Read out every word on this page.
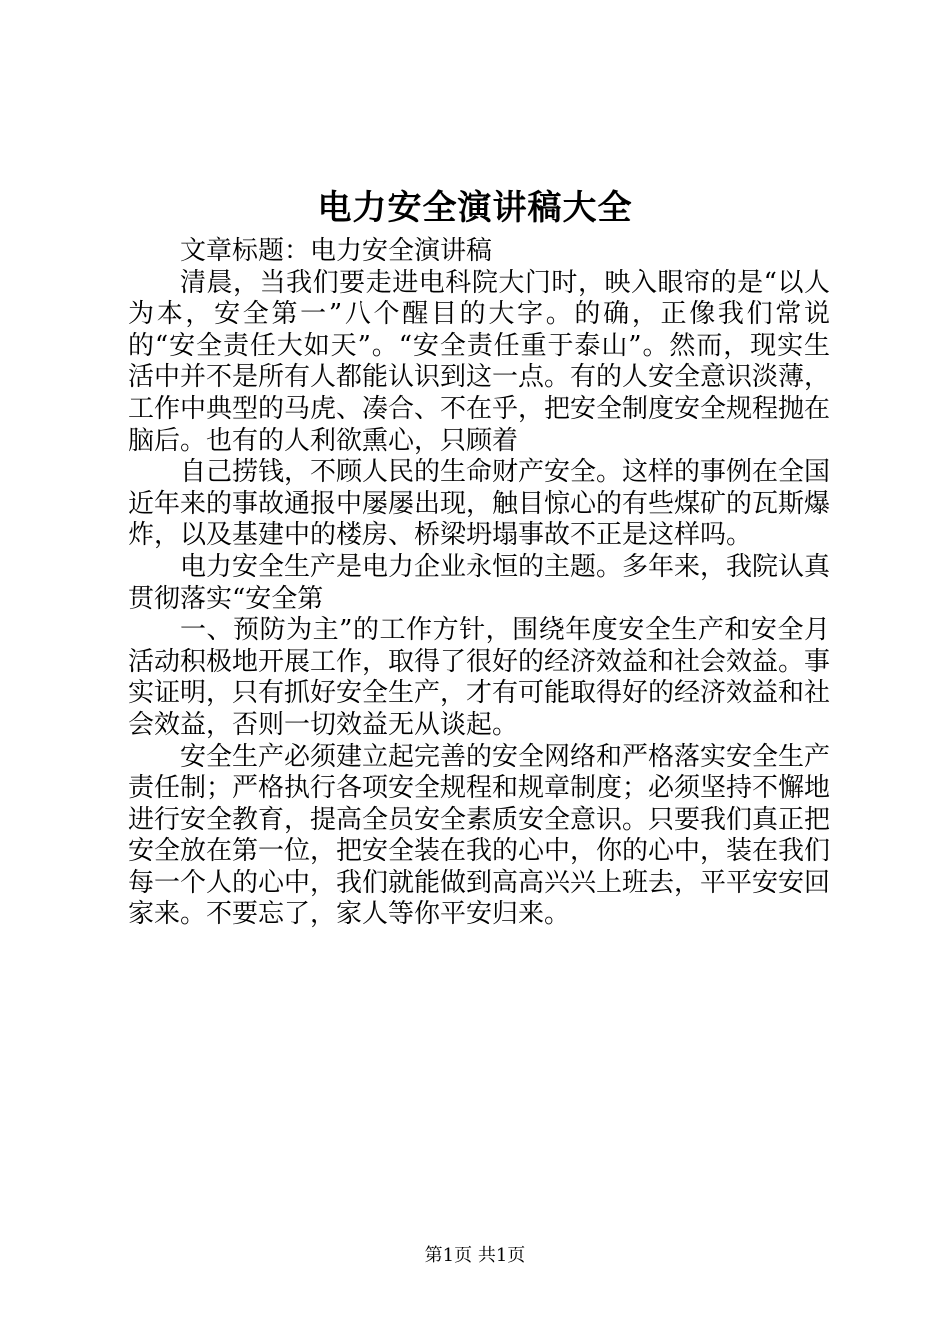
电力安全演讲稿大全

文章标题：电力安全演讲稿

清晨，当我们要走进电科院大门时，映入眼帘的是“以人为本，安全第一”八个醒目的大字。的确，正像我们常说的“安全责任大如天”。“安全责任重于泰山”。然而，现实生活中并不是所有人都能认识到这一点。有的人安全意识淡薄，工作中典型的马虎、凑合、不在乎，把安全制度安全规程抛在脑后。也有的人利欲熏心，只顾着

自己捞钱，不顾人民的生命财产安全。这样的事例在全国近年来的事故通报中屡屡出现，触目惊心的有些煤矿的瓦斯爆炸，以及基建中的楼房、桥梁坍塌事故不正是这样吗。

电力安全生产是电力企业永恒的主题。多年来，我院认真贯彻落实“安全第

一、预防为主”的工作方针，围绕年度安全生产和安全月活动积极地开展工作，取得了很好的经济效益和社会效益。事实证明，只有抓好安全生产，才有可能取得好的经济效益和社会效益，否则一切效益无从谈起。

安全生产必须建立起完善的安全网络和严格落实安全生产责任制；严格执行各项安全规程和规章制度；必须坚持不懈地进行安全教育，提高全员安全素质安全意识。只要我们真正把安全放在第一位，把安全装在我的心中，你的心中，装在我们每一个人的心中，我们就能做到高高兴兴上班去，平平安安回家来。不要忘了，家人等你平安归来。

第1页 共1页
